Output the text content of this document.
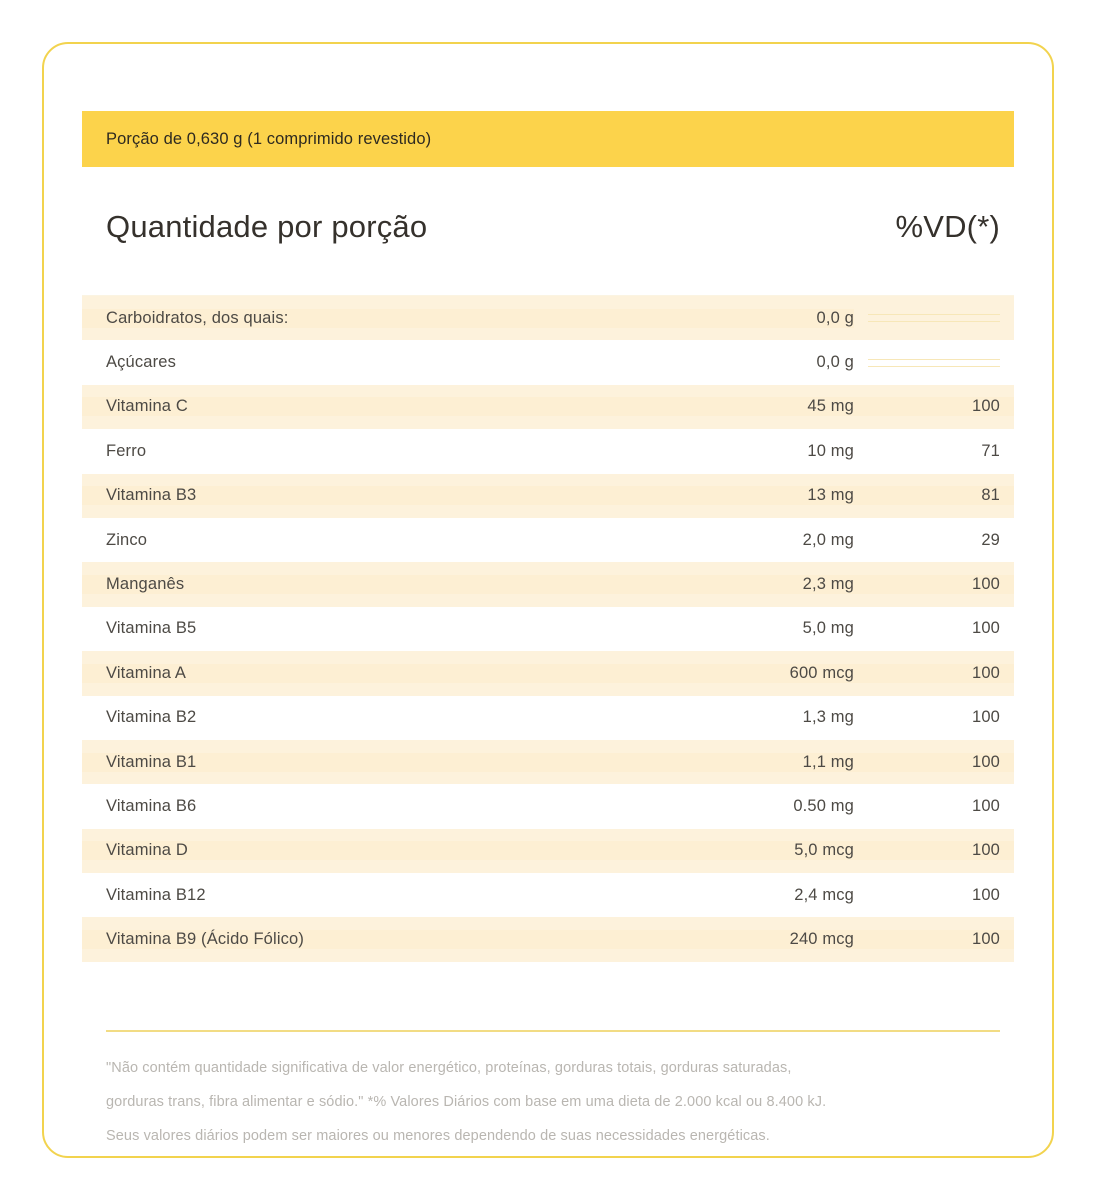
Porção de 0,630 g (1 comprimido revestido)
Quantidade por porção	%VD(*)
Carboidratos, dos quais:	0,0 g
Açúcares	0,0 g
Vitamina C	45 mg	100
Ferro	10 mg	71
Vitamina B3	13 mg	81
Zinco	2,0 mg	29
Manganês	2,3 mg	100
Vitamina B5	5,0 mg	100
Vitamina A	600 mcg	100
Vitamina B2	1,3 mg	100
Vitamina B1	1,1 mg	100
Vitamina B6	0.50 mg	100
Vitamina D	5,0 mcg	100
Vitamina B12	2,4 mcg	100
Vitamina B9 (Ácido Fólico)	240 mcg	100
"Não contém quantidade significativa de valor energético, proteínas, gorduras totais, gorduras saturadas,
gorduras trans, fibra alimentar e sódio." *% Valores Diários com base em uma dieta de 2.000 kcal ou 8.400 kJ.
Seus valores diários podem ser maiores ou menores dependendo de suas necessidades energéticas.
